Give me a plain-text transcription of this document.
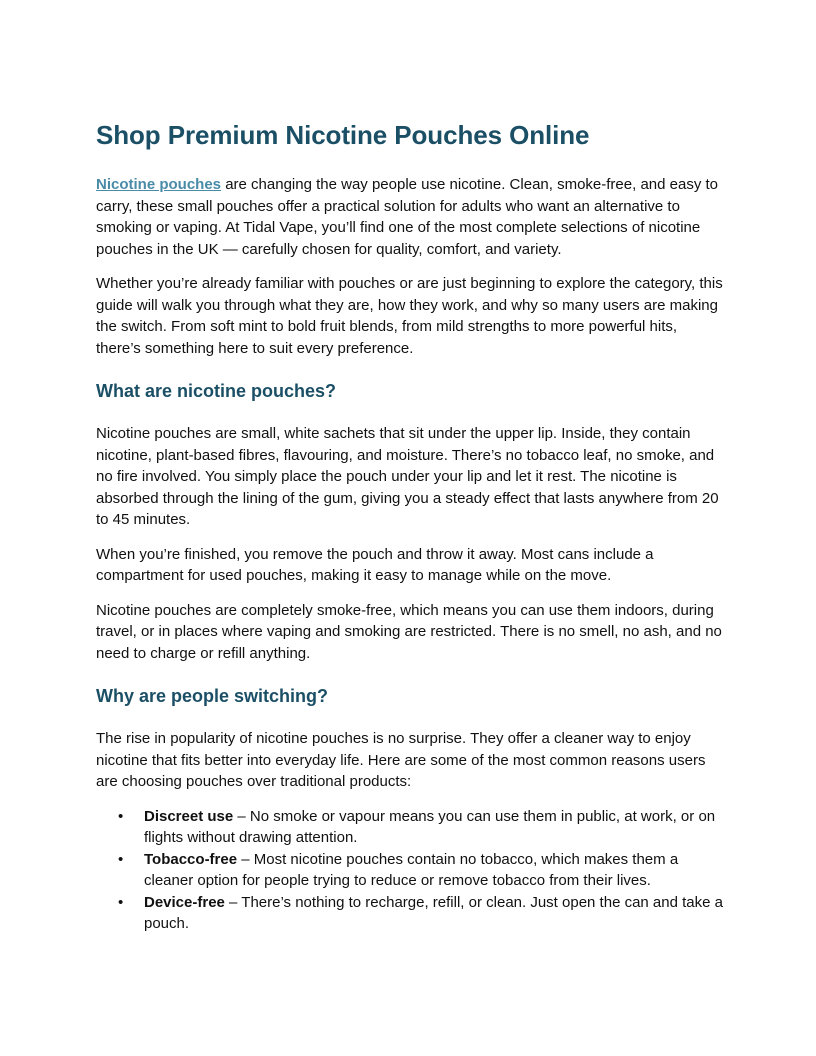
Shop Premium Nicotine Pouches Online

Nicotine pouches are changing the way people use nicotine. Clean, smoke-free, and easy to carry, these small pouches offer a practical solution for adults who want an alternative to smoking or vaping. At Tidal Vape, you’ll find one of the most complete selections of nicotine pouches in the UK — carefully chosen for quality, comfort, and variety.

Whether you’re already familiar with pouches or are just beginning to explore the category, this guide will walk you through what they are, how they work, and why so many users are making the switch. From soft mint to bold fruit blends, from mild strengths to more powerful hits, there’s something here to suit every preference.

What are nicotine pouches?

Nicotine pouches are small, white sachets that sit under the upper lip. Inside, they contain nicotine, plant-based fibres, flavouring, and moisture. There’s no tobacco leaf, no smoke, and no fire involved. You simply place the pouch under your lip and let it rest. The nicotine is absorbed through the lining of the gum, giving you a steady effect that lasts anywhere from 20 to 45 minutes.

When you’re finished, you remove the pouch and throw it away. Most cans include a compartment for used pouches, making it easy to manage while on the move.

Nicotine pouches are completely smoke-free, which means you can use them indoors, during travel, or in places where vaping and smoking are restricted. There is no smell, no ash, and no need to charge or refill anything.

Why are people switching?

The rise in popularity of nicotine pouches is no surprise. They offer a cleaner way to enjoy nicotine that fits better into everyday life. Here are some of the most common reasons users are choosing pouches over traditional products:

• Discreet use – No smoke or vapour means you can use them in public, at work, or on flights without drawing attention.
• Tobacco-free – Most nicotine pouches contain no tobacco, which makes them a cleaner option for people trying to reduce or remove tobacco from their lives.
• Device-free – There’s nothing to recharge, refill, or clean. Just open the can and take a pouch.
